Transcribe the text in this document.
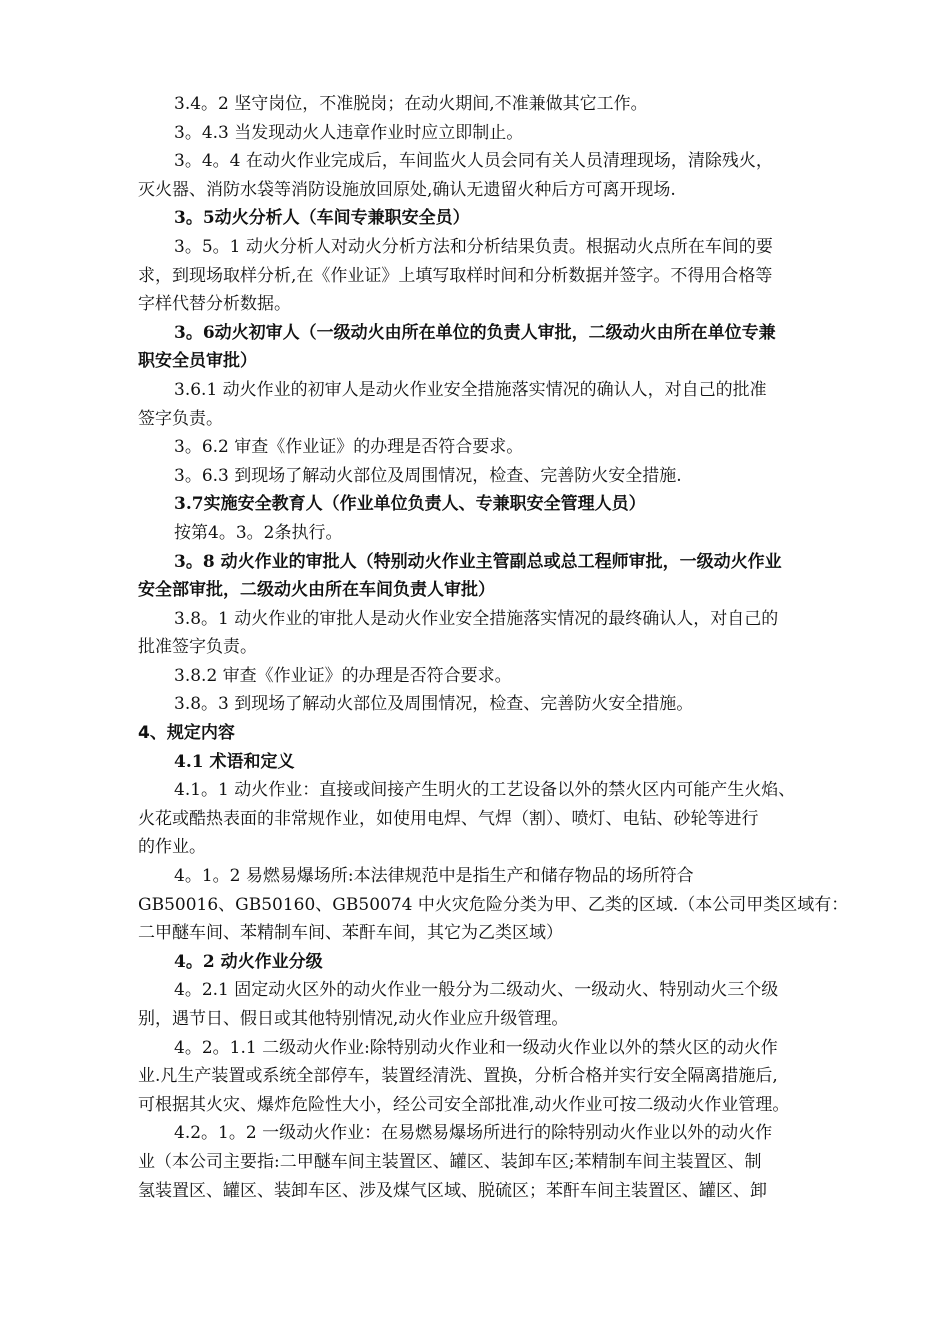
3.4。2 坚守岗位，不准脱岗；在动火期间,不准兼做其它工作。
3。4.3 当发现动火人违章作业时应立即制止。
3。4。4 在动火作业完成后，车间监火人员会同有关人员清理现场，清除残火，
灭火器、消防水袋等消防设施放回原处,确认无遗留火种后方可离开现场.
3。5动火分析人（车间专兼职安全员）
3。5。1 动火分析人对动火分析方法和分析结果负责。根据动火点所在车间的要
求，到现场取样分析,在《作业证》上填写取样时间和分析数据并签字。不得用合格等
字样代替分析数据。
3。6动火初审人（一级动火由所在单位的负责人审批，二级动火由所在单位专兼
职安全员审批）
3.6.1 动火作业的初审人是动火作业安全措施落实情况的确认人，对自己的批准
签字负责。
3。6.2 审查《作业证》的办理是否符合要求。
3。6.3 到现场了解动火部位及周围情况，检查、完善防火安全措施.
3.7实施安全教育人（作业单位负责人、专兼职安全管理人员）
按第4。3。2条执行。
3。8 动火作业的审批人（特别动火作业主管副总或总工程师审批，一级动火作业
安全部审批，二级动火由所在车间负责人审批）
3.8。1 动火作业的审批人是动火作业安全措施落实情况的最终确认人，对自己的
批准签字负责。
3.8.2 审查《作业证》的办理是否符合要求。
3.8。3 到现场了解动火部位及周围情况，检查、完善防火安全措施。
4、规定内容
4.1 术语和定义
4.1。1 动火作业：直接或间接产生明火的工艺设备以外的禁火区内可能产生火焰、
火花或酷热表面的非常规作业，如使用电焊、气焊（割）、喷灯、电钻、砂轮等进行
的作业。
4。1。2 易燃易爆场所:本法律规范中是指生产和储存物品的场所符合
GB50016、GB50160、GB50074 中火灾危险分类为甲、乙类的区域.（本公司甲类区域有：
二甲醚车间、苯精制车间、苯酐车间，其它为乙类区域）
4。2 动火作业分级
4。2.1 固定动火区外的动火作业一般分为二级动火、一级动火、特别动火三个级
别，遇节日、假日或其他特别情况,动火作业应升级管理。
4。2。1.1 二级动火作业:除特别动火作业和一级动火作业以外的禁火区的动火作
业.凡生产装置或系统全部停车，装置经清洗、置换，分析合格并实行安全隔离措施后,
可根据其火灾、爆炸危险性大小，经公司安全部批准,动火作业可按二级动火作业管理。
4.2。1。2 一级动火作业：在易燃易爆场所进行的除特别动火作业以外的动火作
业（本公司主要指:二甲醚车间主装置区、罐区、装卸车区;苯精制车间主装置区、制
氢装置区、罐区、装卸车区、涉及煤气区域、脱硫区；苯酐车间主装置区、罐区、卸
